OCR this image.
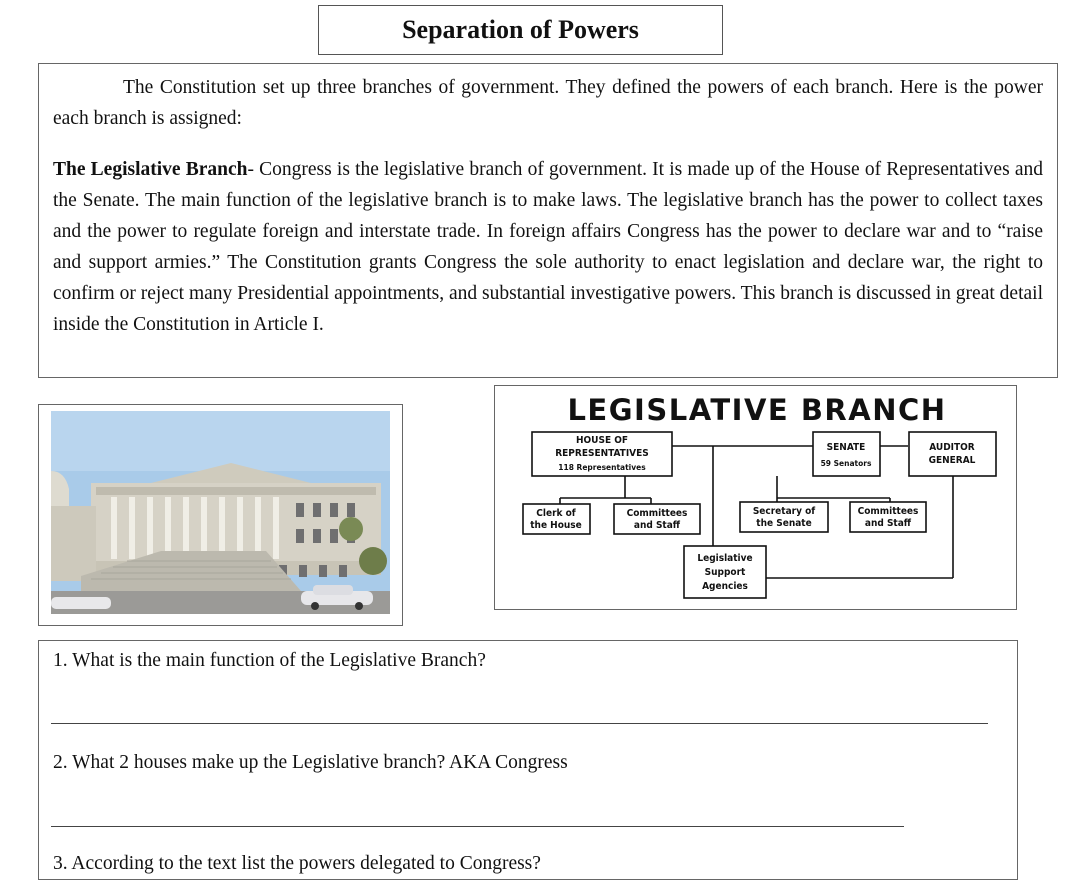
Separation of Powers

The Constitution set up three branches of government. They defined the powers of each branch. Here is the power each branch is assigned:

The Legislative Branch- Congress is the legislative branch of government. It is made up of the House of Representatives and the Senate. The main function of the legislative branch is to make laws. The legislative branch has the power to collect taxes and the power to regulate foreign and interstate trade. In foreign affairs Congress has the power to declare war and to “raise and support armies.” The Constitution grants Congress the sole authority to enact legislation and declare war, the right to confirm or reject many Presidential appointments, and substantial investigative powers. This branch is discussed in great detail inside the Constitution in Article I.

LEGISLATIVE BRANCH
HOUSE OF
REPRESENTATIVES
118 Representatives
SENATE
59 Senators
AUDITOR
GENERAL
Clerk of
the House
Committees
and Staff
Secretary of
the Senate
Committees
and Staff
Legislative
Support
Agencies
1. What is the main function of the Legislative Branch?
2. What 2 houses make up the Legislative branch? AKA Congress
3. According to the text list the powers delegated to Congress?
